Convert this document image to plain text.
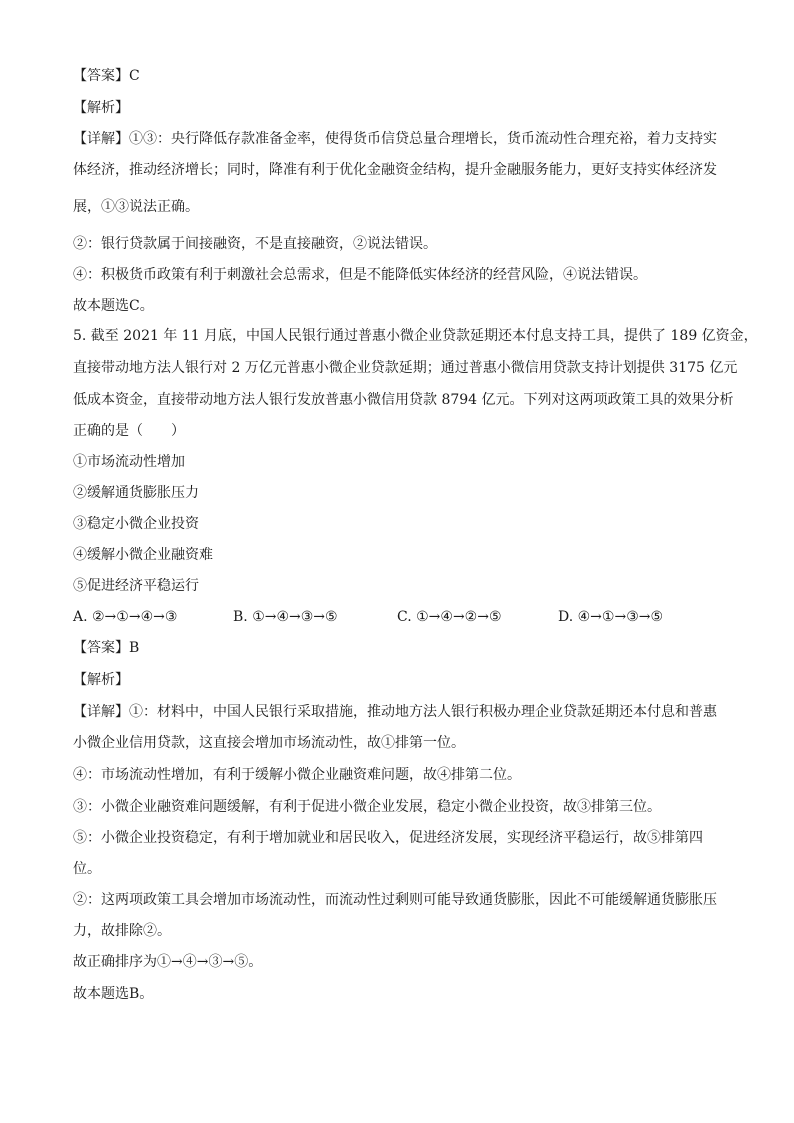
【答案】C
【解析】
【详解】①③：央行降低存款准备金率，使得货币信贷总量合理增长，货币流动性合理充裕，着力支持实
体经济，推动经济增长；同时，降准有利于优化金融资金结构，提升金融服务能力，更好支持实体经济发
展，①③说法正确。
②：银行贷款属于间接融资，不是直接融资，②说法错误。
④：积极货币政策有利于刺激社会总需求，但是不能降低实体经济的经营风险，④说法错误。
故本题选C。
5. 截至 2021 年 11 月底，中国人民银行通过普惠小微企业贷款延期还本付息支持工具，提供了 189 亿资金，
直接带动地方法人银行对 2 万亿元普惠小微企业贷款延期；通过普惠小微信用贷款支持计划提供 3175 亿元
低成本资金，直接带动地方法人银行发放普惠小微信用贷款 8794 亿元。下列对这两项政策工具的效果分析
正确的是（　　）
①市场流动性增加
②缓解通货膨胀压力
③稳定小微企业投资
④缓解小微企业融资难
⑤促进经济平稳运行
A. ②→①→④→③	B. ①→④→③→⑤	C. ①→④→②→⑤	D. ④→①→③→⑤
【答案】B
【解析】
【详解】①：材料中，中国人民银行采取措施，推动地方法人银行积极办理企业贷款延期还本付息和普惠
小微企业信用贷款，这直接会增加市场流动性，故①排第一位。
④：市场流动性增加，有利于缓解小微企业融资难问题，故④排第二位。
③：小微企业融资难问题缓解，有利于促进小微企业发展，稳定小微企业投资，故③排第三位。
⑤：小微企业投资稳定，有利于增加就业和居民收入，促进经济发展，实现经济平稳运行，故⑤排第四
位。
②：这两项政策工具会增加市场流动性，而流动性过剩则可能导致通货膨胀，因此不可能缓解通货膨胀压
力，故排除②。
故正确排序为①→④→③→⑤。
故本题选B。
